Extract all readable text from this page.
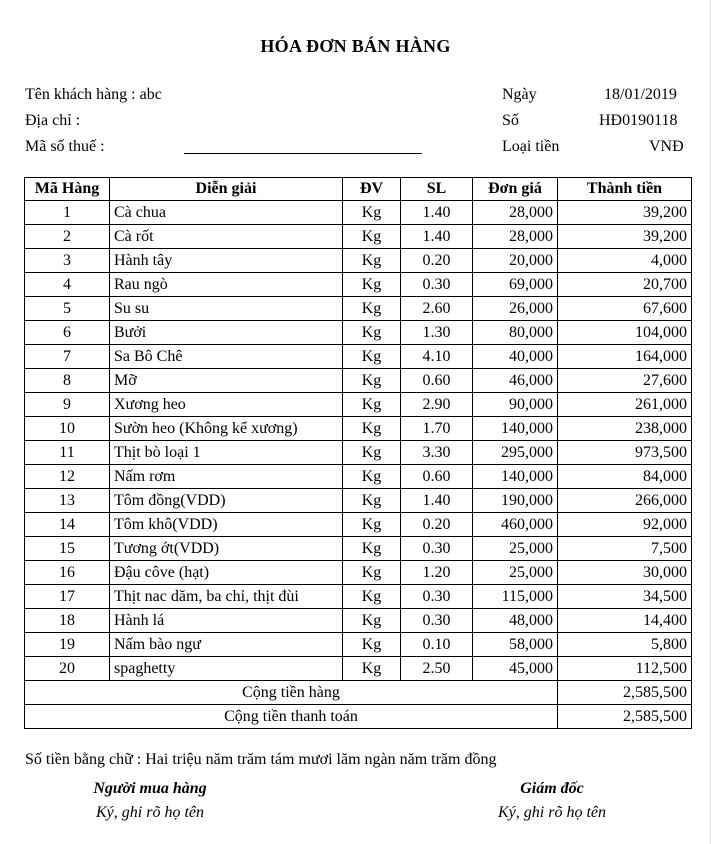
HÓA ĐƠN BÁN HÀNG
Tên khách hàng : abc
Địa chỉ :
Mã số thuế :
Ngày	18/01/2019
Số	HĐ0190118
Loại tiền	VNĐ
Mã Hàng	Diễn giải	ĐV	SL	Đơn giá	Thành tiền
1	Cà chua	Kg	1.40	28,000	39,200
2	Cà rốt	Kg	1.40	28,000	39,200
3	Hành tây	Kg	0.20	20,000	4,000
4	Rau ngò	Kg	0.30	69,000	20,700
5	Su su	Kg	2.60	26,000	67,600
6	Bưởi	Kg	1.30	80,000	104,000
7	Sa Bô Chê	Kg	4.10	40,000	164,000
8	Mỡ	Kg	0.60	46,000	27,600
9	Xương heo	Kg	2.90	90,000	261,000
10	Sườn heo (Không kể xương)	Kg	1.70	140,000	238,000
11	Thịt bò loại 1	Kg	3.30	295,000	973,500
12	Nấm rơm	Kg	0.60	140,000	84,000
13	Tôm đồng(VDD)	Kg	1.40	190,000	266,000
14	Tôm khô(VDD)	Kg	0.20	460,000	92,000
15	Tương ớt(VDD)	Kg	0.30	25,000	7,500
16	Đậu côve (hạt)	Kg	1.20	25,000	30,000
17	Thịt nac dăm, ba chỉ, thịt đùi	Kg	0.30	115,000	34,500
18	Hành lá	Kg	0.30	48,000	14,400
19	Nấm bào ngư	Kg	0.10	58,000	5,800
20	spaghetty	Kg	2.50	45,000	112,500
Cộng tiền hàng					2,585,500
Cộng tiền thanh toán					2,585,500
Số tiền bằng chữ : Hai triệu năm trăm tám mươi lăm ngàn năm trăm đồng
Người mua hàng
Ký, ghi rõ họ tên
Giám đốc
Ký, ghi rõ họ tên
